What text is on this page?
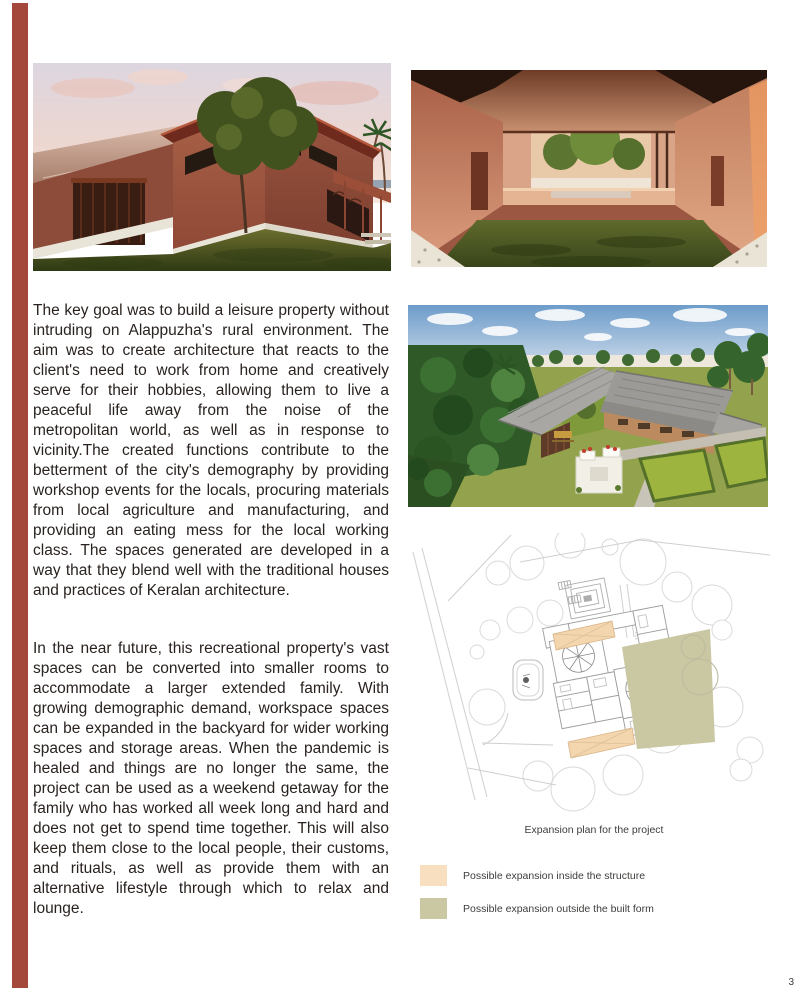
The key goal was to build a leisure property without intruding on Alappuzha's rural environment. The aim was to create architecture that reacts to the client's need to work from home and creatively serve for their hobbies, allowing them to live a peaceful life away from the noise of the metropolitan world, as well as in response to vicinity.The created functions contribute to the betterment of the city's demography by providing workshop events for the locals, procuring materials from local agriculture and manufacturing, and providing an eating mess for the local working class. The spaces generated are developed in a way that they blend well with the traditional houses and practices of Keralan architecture.
In the near future, this recreational property's vast spaces can be converted into smaller rooms to accommodate a larger extended family. With growing demographic demand, workspace spaces can be expanded in the backyard for wider working spaces and storage areas. When the pandemic is healed and things are no longer the same, the project can be used as a weekend getaway for the family who has worked all week long and hard and does not get to spend time together. This will also keep them close to the local people, their customs, and rituals, as well as provide them with an alternative lifestyle through which to relax and lounge.
Expansion plan for the project
Possible expansion inside the structure
Possible expansion outside the built form
3
